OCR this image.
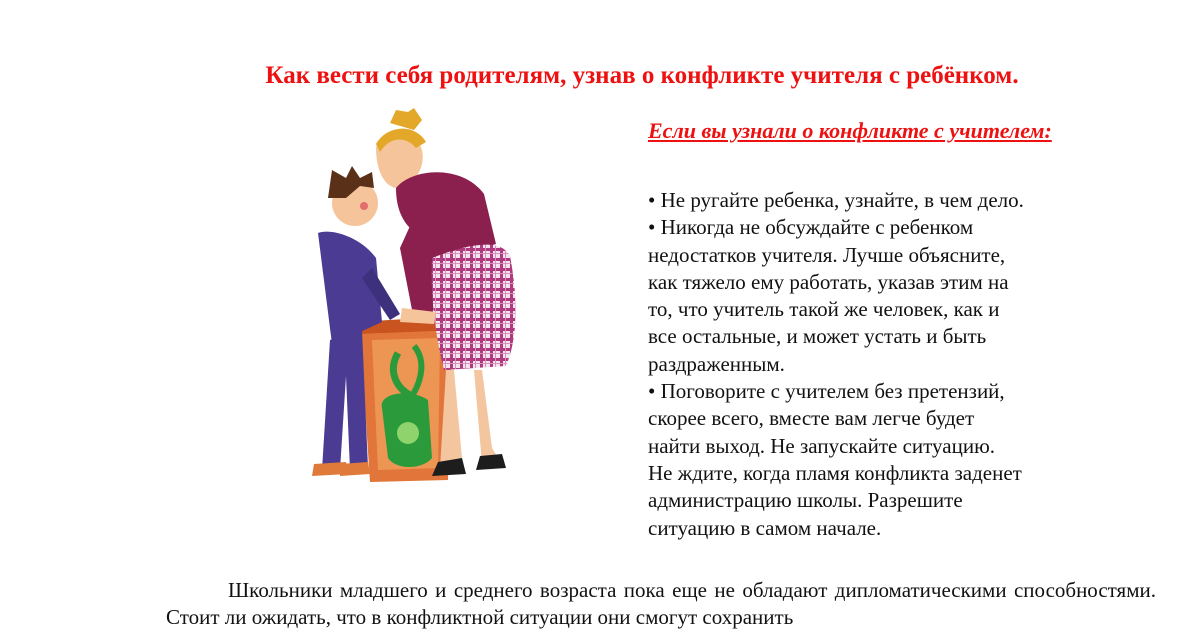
Как вести себя родителям, узнав о конфликте учителя с ребёнком.
Если вы узнали о конфликте с учителем:

• Не ругайте ребенка, узнайте, в чем дело.

• Никогда не обсуждайте с ребенком
недостатков учителя. Лучше объясните,
как тяжело ему работать, указав этим на
то, что учитель такой же человек, как и
все остальные, и может устать и быть
раздраженным.

• Поговорите с учителем без претензий,
скорее всего, вместе вам легче будет
найти выход. Не запускайте ситуацию.
Не ждите, когда пламя конфликта заденет
администрацию школы. Разрешите
ситуацию в самом начале.

Школьники младшего и среднего возраста пока еще не обладают дипломатическими способностями. Стоит ли ожидать, что в конфликтной ситуации они смогут сохранить
